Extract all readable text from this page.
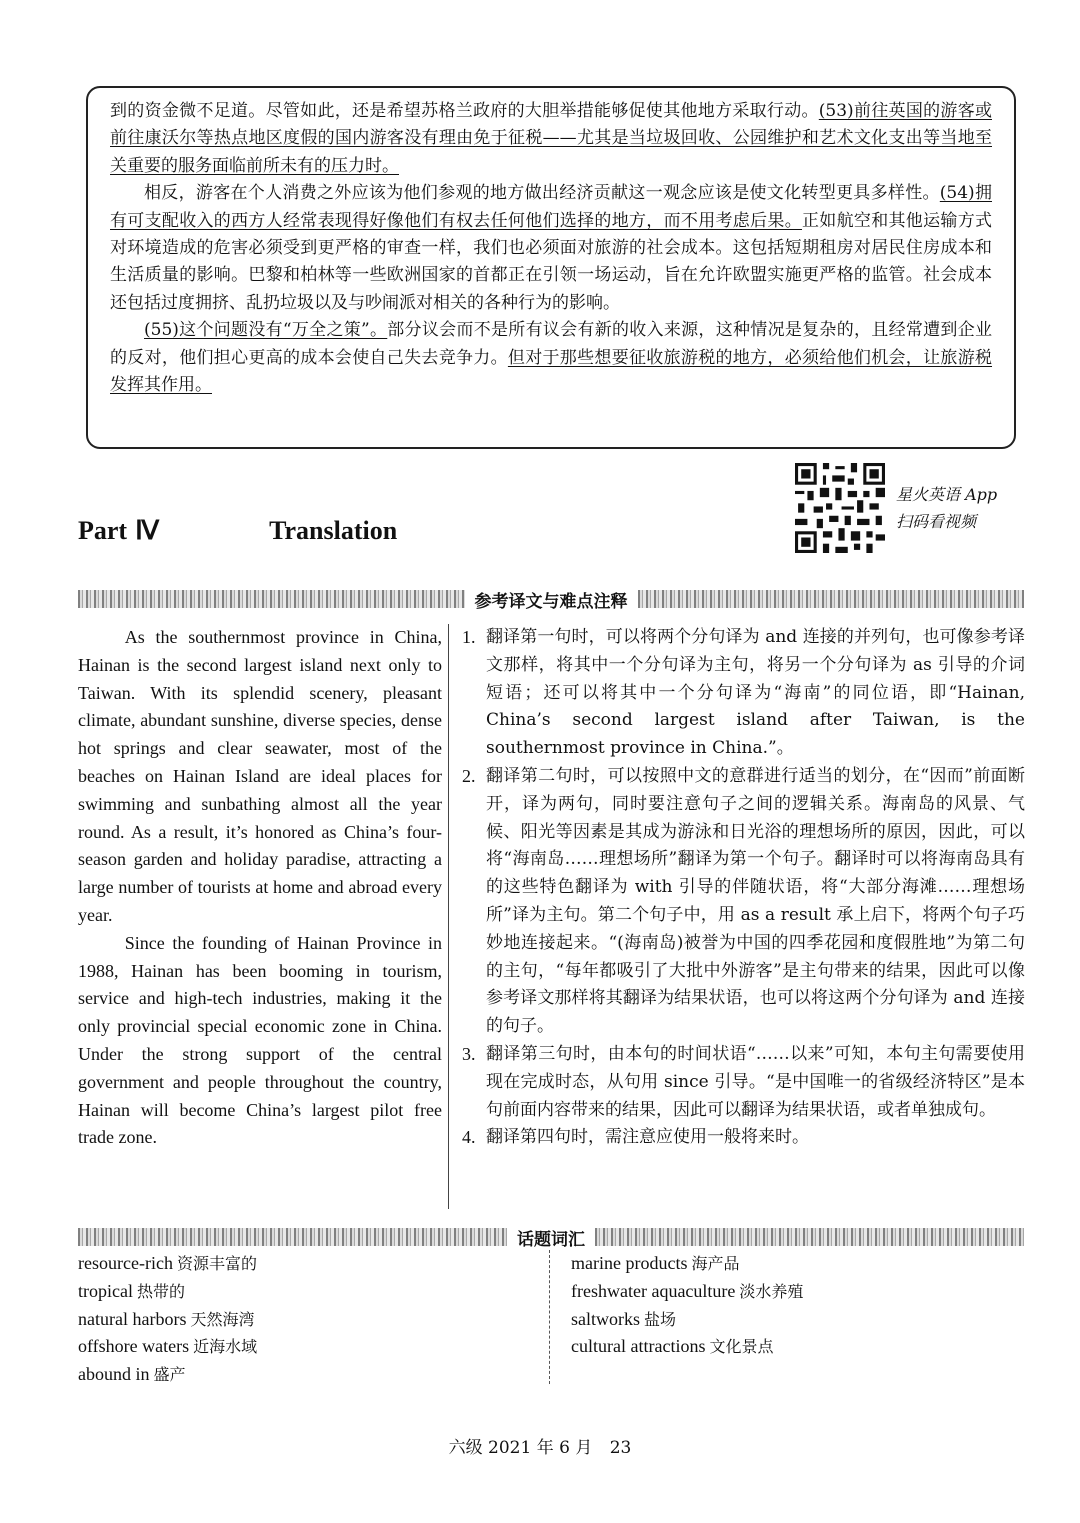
到的资金微不足道。尽管如此，还是希望苏格兰政府的大胆举措能够促使其他地方采取行动。(53)前往英国的游客或前往康沃尔等热点地区度假的国内游客没有理由免于征税——尤其是当垃圾回收、公园维护和艺术文化支出等当地至关重要的服务面临前所未有的压力时。

相反，游客在个人消费之外应该为他们参观的地方做出经济贡献这一观念应该是使文化转型更具多样性。(54)拥有可支配收入的西方人经常表现得好像他们有权去任何他们选择的地方，而不用考虑后果。正如航空和其他运输方式对环境造成的危害必须受到更严格的审查一样，我们也必须面对旅游的社会成本。这包括短期租房对居民住房成本和生活质量的影响。巴黎和柏林等一些欧洲国家的首都正在引领一场运动，旨在允许欧盟实施更严格的监管。社会成本还包括过度拥挤、乱扔垃圾以及与吵闹派对相关的各种行为的影响。

(55)这个问题没有“万全之策”。部分议会而不是所有议会有新的收入来源，这种情况是复杂的，且经常遭到企业的反对，他们担心更高的成本会使自己失去竞争力。但对于那些想要征收旅游税的地方，必须给他们机会，让旅游税发挥其作用。

Part Ⅳ	Translation
星火英语 App
扫码看视频
参考译文与难点注释

As the southernmost province in China, Hainan is the second largest island next only to Taiwan. With its splendid scenery, pleasant climate, abundant sunshine, diverse species, dense hot springs and clear seawater, most of the beaches on Hainan Island are ideal places for swimming and sunbathing almost all the year round. As a result, it’s honored as China’s four-season garden and holiday paradise, attracting a large number of tourists at home and abroad every year.

Since the founding of Hainan Province in 1988, Hainan has been booming in tourism, service and high-tech industries, making it the only provincial special economic zone in China. Under the strong support of the central government and people throughout the country, Hainan will become China’s largest pilot free trade zone.

1. 翻译第一句时，可以将两个分句译为 and 连接的并列句，也可像参考译文那样，将其中一个分句译为主句，将另一个分句译为 as 引导的介词短语；还可以将其中一个分句译为“海南”的同位语，即“Hainan, China’s second largest island after Taiwan, is the southernmost province in China.”。
2. 翻译第二句时，可以按照中文的意群进行适当的划分，在“因而”前面断开，译为两句，同时要注意句子之间的逻辑关系。海南岛的风景、气候、阳光等因素是其成为游泳和日光浴的理想场所的原因，因此，可以将“海南岛……理想场所”翻译为第一个句子。翻译时可以将海南岛具有的这些特色翻译为 with 引导的伴随状语，将“大部分海滩……理想场所”译为主句。第二个句子中，用 as a result 承上启下，将两个句子巧妙地连接起来。“(海南岛)被誉为中国的四季花园和度假胜地”为第二句的主句，“每年都吸引了大批中外游客”是主句带来的结果，因此可以像参考译文那样将其翻译为结果状语，也可以将这两个分句译为 and 连接的句子。
3. 翻译第三句时，由本句的时间状语“……以来”可知，本句主句需要使用现在完成时态，从句用 since 引导。“是中国唯一的省级经济特区”是本句前面内容带来的结果，因此可以翻译为结果状语，或者单独成句。
4. 翻译第四句时，需注意应使用一般将来时。
话题词汇
resource-rich 资源丰富的
tropical 热带的
natural harbors 天然海湾
offshore waters 近海水域
abound in 盛产
marine products 海产品
freshwater aquaculture 淡水养殖
saltworks 盐场
cultural attractions 文化景点
六级 2021 年 6 月 23
